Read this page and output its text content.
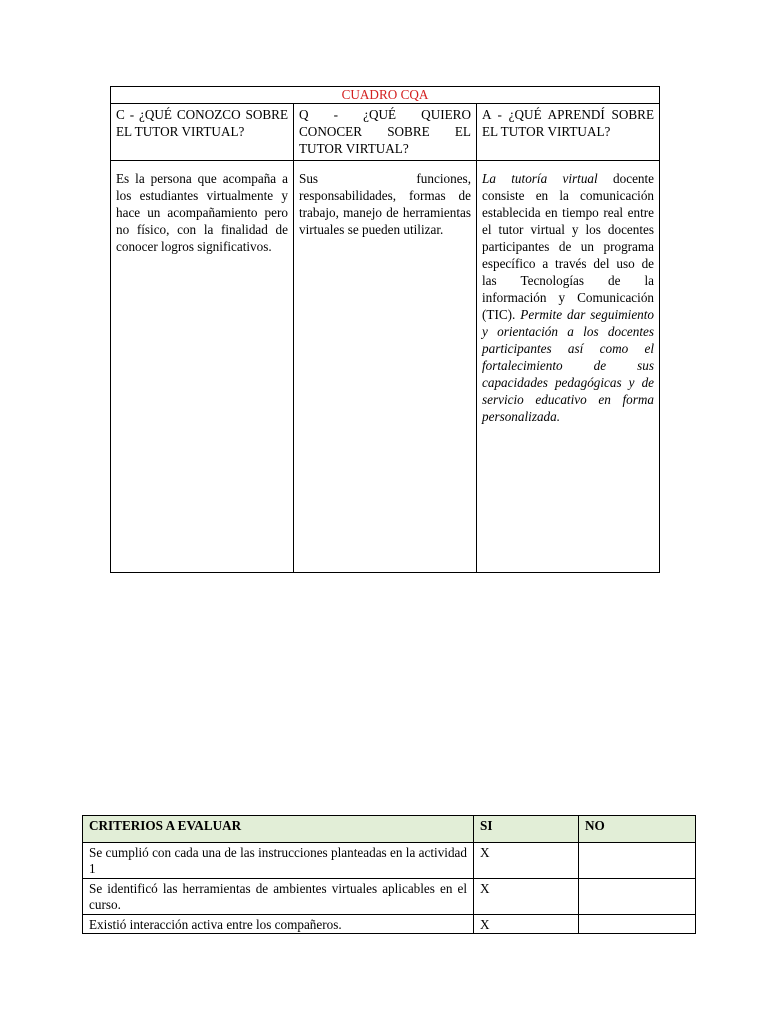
CUADRO CQA		
C - ¿QUÉ CONOZCO SOBRE EL TUTOR VIRTUAL?	Q - ¿QUÉ QUIERO CONOCER SOBRE EL TUTOR VIRTUAL?	A - ¿QUÉ APRENDÍ SOBRE EL TUTOR VIRTUAL?

Es la persona que acompaña a los estudiantes virtualmente y hace un acompañamiento pero no físico, con la finalidad de conocer logros significativos.	Sus funciones, responsabilidades, formas de trabajo, manejo de herramientas virtuales se pueden utilizar.	La tutoría virtual docente consiste en la comunicación establecida en tiempo real entre el tutor virtual y los docentes participantes de un programa específico a través del uso de las Tecnologías de la información y Comunicación (TIC). Permite dar seguimiento y orientación a los docentes participantes así como el fortalecimiento de sus capacidades pedagógicas y de servicio educativo en forma personalizada.

CRITERIOS A EVALUAR	SI	NO
Se cumplió con cada una de las instrucciones planteadas en la actividad 1	X	
Se identificó las herramientas de ambientes virtuales aplicables en el curso.	X	
Existió interacción activa entre los compañeros.	X	
